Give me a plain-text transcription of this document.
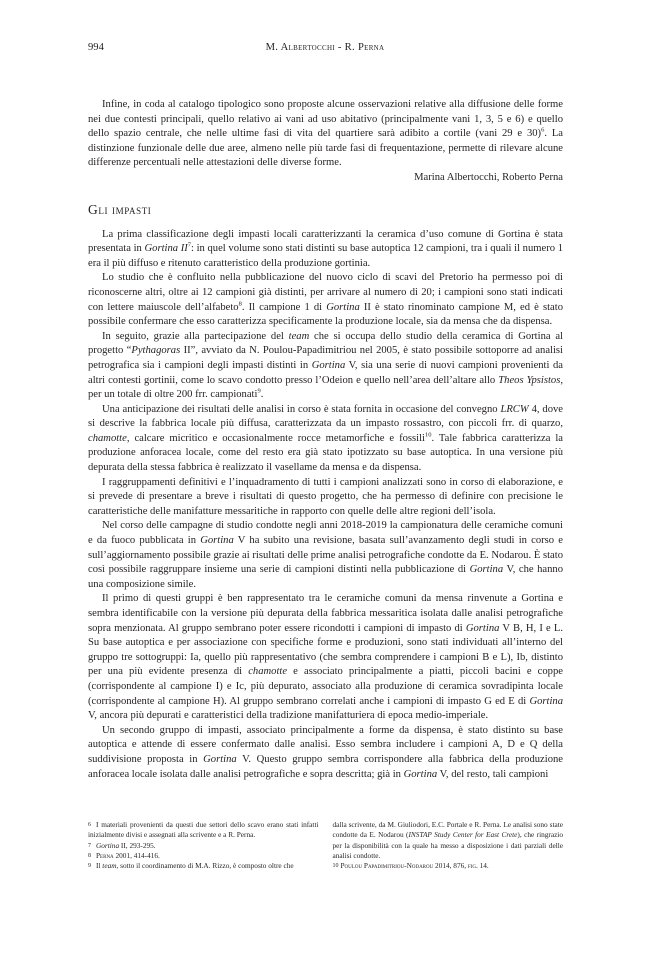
994	M. Albertocchi - R. Perna

Infine, in coda al catalogo tipologico sono proposte alcune osservazioni relative alla diffusione delle forme nei due contesti principali, quello relativo ai vani ad uso abitativo (principalmente vani 1, 3, 5 e 6) e quello dello spazio centrale, che nelle ultime fasi di vita del quartiere sarà adibito a cortile (vani 29 e 30)$^6$. La distinzione funzionale delle due aree, almeno nelle più tarde fasi di frequentazione, permette di rilevare alcune differenze percentuali nelle attestazioni delle diverse forme.

Marina Albertocchi, Roberto Perna

Gli impasti

La prima classificazione degli impasti locali caratterizzanti la ceramica d’uso comune di Gortina è stata presentata in Gortina $II^7$: in quel volume sono stati distinti su base autoptica 12 campioni, tra i quali il numero 1 era il più diffuso e ritenuto caratteristico della produzione gortinia.

Lo studio che è confluito nella pubblicazione del nuovo ciclo di scavi del Pretorio ha permesso poi di riconoscerne altri, oltre ai 12 campioni già distinti, per arrivare al numero di 20; i campioni sono stati indicati con lettere maiuscole dell’alfabeto$^8$. Il campione 1 di Gortina II è stato rinominato campione M, ed è stato possibile confermare che esso caratterizza specificamente la produzione locale, sia da mensa che da dispensa.

In seguito, grazie alla partecipazione del team che si occupa dello studio della ceramica di Gortina al progetto “Pythagoras II”, avviato da N. Poulou-Papadimitriou nel 2005, è stato possibile sottoporre ad analisi petrografica sia i campioni degli impasti distinti in Gortina V, sia una serie di nuovi campioni provenienti da altri contesti gortinii, come lo scavo condotto presso l’Odeion e quello nell’area dell’altare allo Theos Ypsistos, per un totale di oltre 200 frr. campionati$^9$.

Una anticipazione dei risultati delle analisi in corso è stata fornita in occasione del convegno LRCW 4, dove si descrive la fabbrica locale più diffusa, caratterizzata da un impasto rossastro, con piccoli frr. di quarzo, chamotte, calcare micritico e occasionalmente rocce metamorfiche e fossili$^{10}$. Tale fabbrica caratterizza la produzione anforacea locale, come del resto era già stato ipotizzato su base autoptica. In una versione più depurata della stessa fabbrica è realizzato il vasellame da mensa e da dispensa.

I raggruppamenti definitivi e l’inquadramento di tutti i campioni analizzati sono in corso di elaborazione, e si prevede di presentare a breve i risultati di questo progetto, che ha permesso di definire con precisione le caratteristiche delle manifatture messaritiche in rapporto con quelle delle altre regioni dell’isola.

Nel corso delle campagne di studio condotte negli anni 2018-2019 la campionatura delle ceramiche comuni e da fuoco pubblicata in Gortina V ha subito una revisione, basata sull’avanzamento degli studi in corso e sull’aggiornamento possibile grazie ai risultati delle prime analisi petrografiche condotte da E. Nodarou. È stato così possibile raggruppare insieme una serie di campioni distinti nella pubblicazione di Gortina V, che hanno una composizione simile.

Il primo di questi gruppi è ben rappresentato tra le ceramiche comuni da mensa rinvenute a Gortina e sembra identificabile con la versione più depurata della fabbrica messaritica isolata dalle analisi petrografiche sopra menzionata. Al gruppo sembrano poter essere ricondotti i campioni di impasto di Gortina V B, H, I e L. Su base autoptica e per associazione con specifiche forme e produzioni, sono stati individuati all’interno del gruppo tre sottogruppi: Ia, quello più rappresentativo (che sembra comprendere i campioni B e L), Ib, distinto per una più evidente presenza di chamotte e associato principalmente a piatti, piccoli bacini e coppe (corrispondente al campione I) e Ic, più depurato, associato alla produzione di ceramica sovradipinta locale (corrispondente al campione H). Al gruppo sembrano correlati anche i campioni di impasto G ed E di Gortina V, ancora più depurati e caratteristici della tradizione manifatturiera di epoca medio-imperiale.

Un secondo gruppo di impasti, associato principalmente a forme da dispensa, è stato distinto su base autoptica e attende di essere confermato dalle analisi. Esso sembra includere i campioni A, D e Q della suddivisione proposta in Gortina V. Questo gruppo sembra corrispondere alla fabbrica della produzione anforacea locale isolata dalle analisi petrografiche e sopra descritta; già in Gortina V, del resto, tali campioni

6 I materiali provenienti da questi due settori dello scavo erano stati infatti inizialmente divisi e assegnati alla scrivente e a R. Perna.
7 Gortina II, 293-295.
8 Perna 2001, 414-416.
9 Il team, sotto il coordinamento di M.A. Rizzo, è composto oltre che
dalla scrivente, da M. Giuliodori, E.C. Portale e R. Perna. Le analisi sono state condotte da E. Nodarou (INSTAP Study Center for East Crete), che ringrazio per la disponibilità con la quale ha messo a disposizione i dati parziali delle analisi condotte.
10 Poulou Papadimitriou-Nodarou 2014, 876, fig. 14.
